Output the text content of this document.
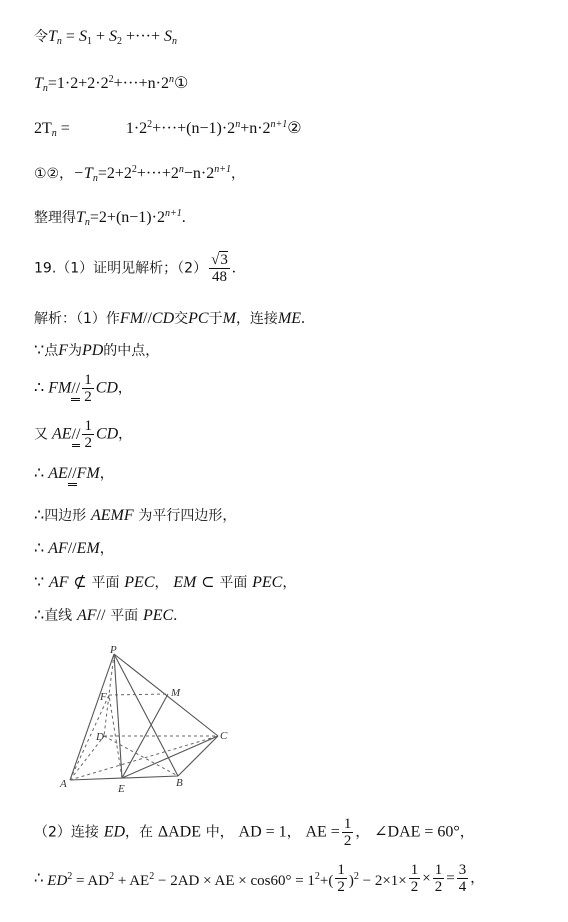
令$T_n = S_1 + S_2$ +···+ $S_n$
$T_n=1\cdot 2+2\cdot 2^2+\cdot\cdot\cdot+n\cdot 2^n①$
$2T_n$ =	$1\cdot 2^2+\cdot\cdot\cdot+(n-1)\cdot 2^n+n\cdot 2^{n+1}②$
①②，$-T_n=2+2^2+\cdot\cdot\cdot+2^n-n\cdot 2^{n+1}$，
整理得$T_n=2+(n-1)\cdot 2^{n+1}$.
19.（1）证明见解析；$(2) \frac{√3}{48}$ .
解析：（1）作FM//CD交PC于M，连接ME.
∵点F为PD的中点，
∴ $FM// \frac{1}{2}$ CD，
又 $AE// \frac{1}{2}$ CD，
∴ AE//FM，
∴四边形 AEMF 为平行四边形，
∴ AF//EM，
∵ AF ⊄ 平面 PEC， EM ⊂ 平面 PEC，
∴直线 AF// 平面 PEC.
P
F	M
D	C
A	E	B
（2）连接 ED，在 ΔADE 中， AD = 1， AE = $\frac{1}{2}$ ， ∠DAE = 60°，
∴ $ED^2 = AD^2 + AE^2 - 2AD$ × AE × $\cos 60^\circ = 1^2+( \frac{1}{2} )^2 - 2\times 1\times \frac{1}{2} \times \frac{1}{2} = \frac{3}{4}$ ，
